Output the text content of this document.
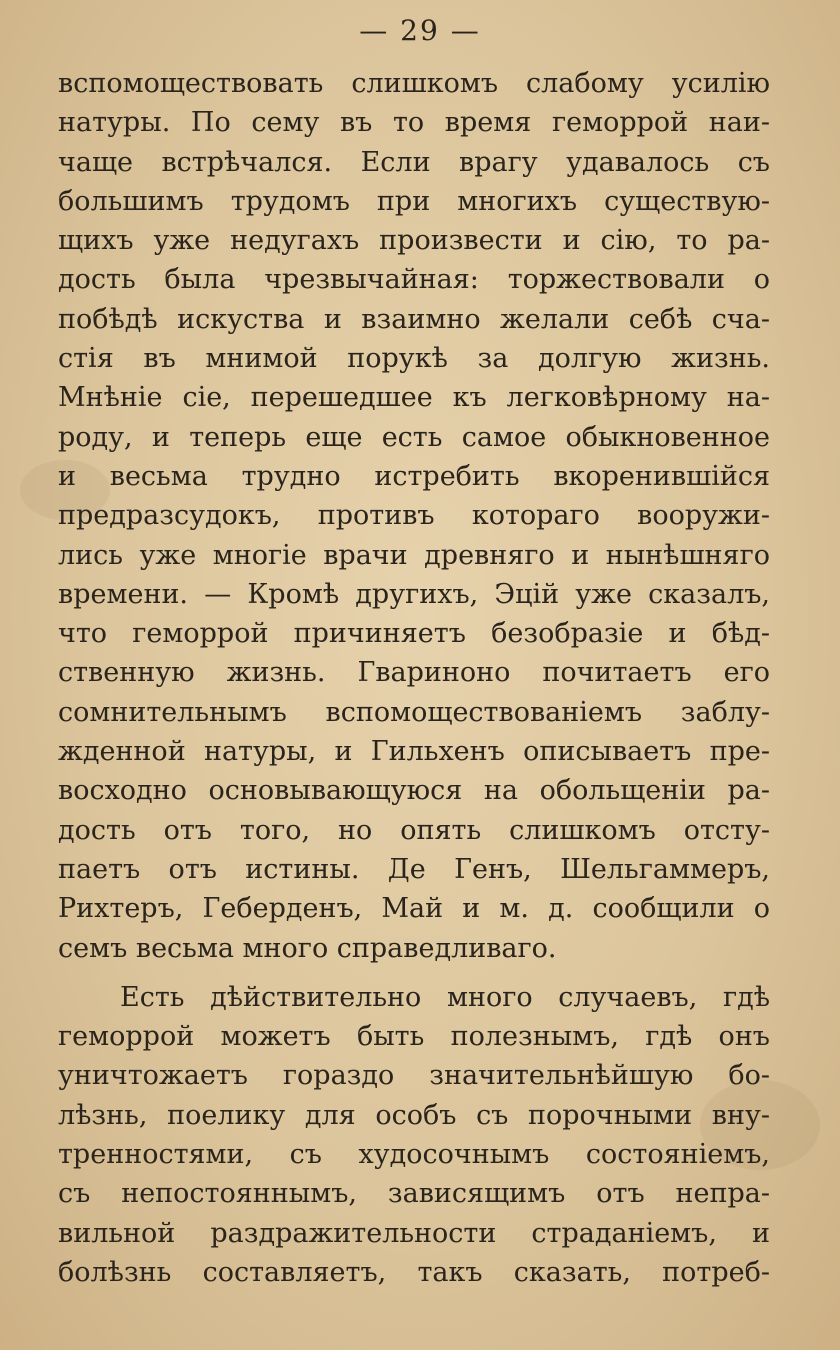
— 29 —
вспомоществовать слишкомъ слабому усилію
натуры. По сему въ то время геморрой наи-
чаще встрѣчался. Если врагу удавалось съ
большимъ трудомъ при многихъ существую-
щихъ уже недугахъ произвести и сію, то ра-
дость была чрезвычайная: торжествовали о
побѣдѣ искуства и взаимно желали себѣ сча-
стія въ мнимой порукѣ за долгую жизнь.
Мнѣніе сіе, перешедшее къ легковѣрному на-
роду, и теперь еще есть самое обыкновенное
и весьма трудно истребить вкоренившійся
предразсудокъ, противъ котораго вооружи-
лись уже многіе врачи древняго и нынѣшняго
времени. — Кромѣ другихъ, Эцій уже сказалъ,
что геморрой причиняетъ безобразіе и бѣд-
ственную жизнь. Гвариноно почитаетъ его
сомнительнымъ вспомоществованіемъ заблу-
жденной натуры, и Гильхенъ описываетъ пре-
восходно основывающуюся на обольщеніи ра-
дость отъ того, но опять слишкомъ отсту-
паетъ отъ истины. Де Генъ, Шельгаммеръ,
Рихтеръ, Геберденъ, Май и м. д. сообщили о
семъ весьма много справедливаго.
Есть дѣйствительно много случаевъ, гдѣ
геморрой можетъ быть полезнымъ, гдѣ онъ
уничтожаетъ гораздо значительнѣйшую бо-
лѣзнь, поелику для особъ съ порочными вну-
тренностями, съ худосочнымъ состояніемъ,
съ непостояннымъ, зависящимъ отъ непра-
вильной раздражительности страданіемъ, и
болѣзнь составляетъ, такъ сказать, потреб-
